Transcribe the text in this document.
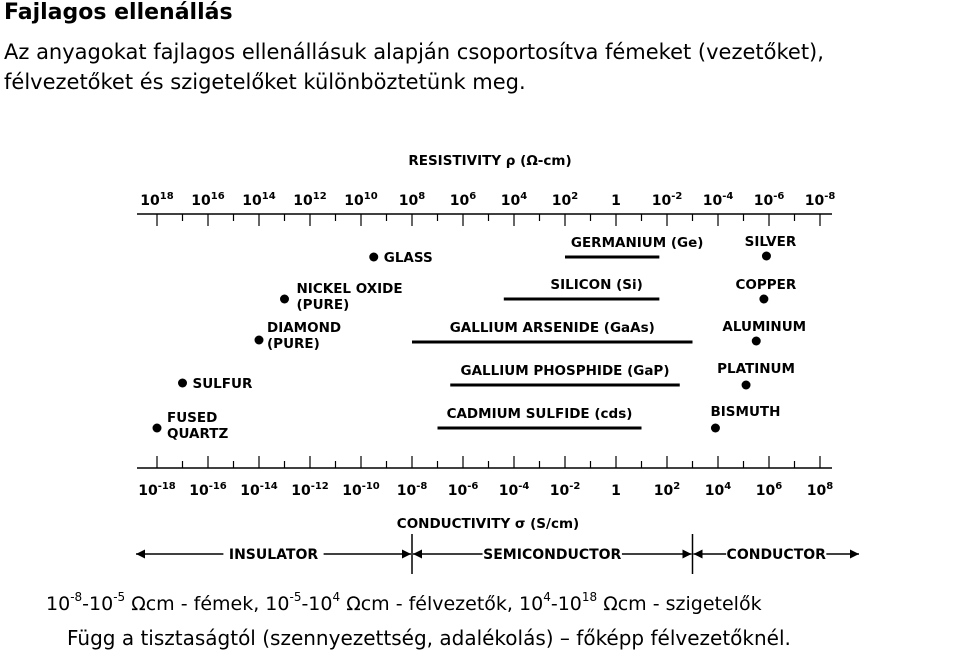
Fajlagos ellenállás
Az anyagokat fajlagos ellenállásuk alapján csoportosítva fémeket (vezetőket), félvezetőket és szigetelőket különböztetünk meg.
RESISTIVITY ρ (Ω-cm)
CONDUCTIVITY σ (S/cm)
$10^{18}$ $10^{16}$ $10^{14}$ $10^{12}$ $10^{10}$ $10^8$ $10^6$ $10^4$ $10^2$ 1 $10^{-2}$ $10^{-4}$ $10^{-6}$ $10^{-8}$
$10^{-18}$ $10^{-16}$ $10^{-14}$ $10^{-12}$ $10^{-10}$ $10^{-8}$ $10^{-6}$ $10^{-4}$ $10^{-2}$ 1 $10^2$ $10^4$ $10^6$ $10^8$
GLASS
NICKEL OXIDE
(PURE)
DIAMOND
(PURE)
SULFUR
FUSED
QUARTZ
SILVER
COPPER
ALUMINUM
PLATINUM
BISMUTH
GERMANIUM (Ge)
SILICON (Si)
GALLIUM ARSENIDE (GaAs)
GALLIUM PHOSPHIDE (GaP)
CADMIUM SULFIDE (cds)
INSULATOR	SEMICONDUCTOR	CONDUCTOR
$10^{-8}-10^{-5}$ Ωcm - fémek, $10^{-5}-10^4$ Ωcm - félvezetők, $10^4-10^{18}$ Ωcm - szigetelők
Függ a tisztaságtól (szennyezettség, adalékolás) – főképp félvezetőknél.
